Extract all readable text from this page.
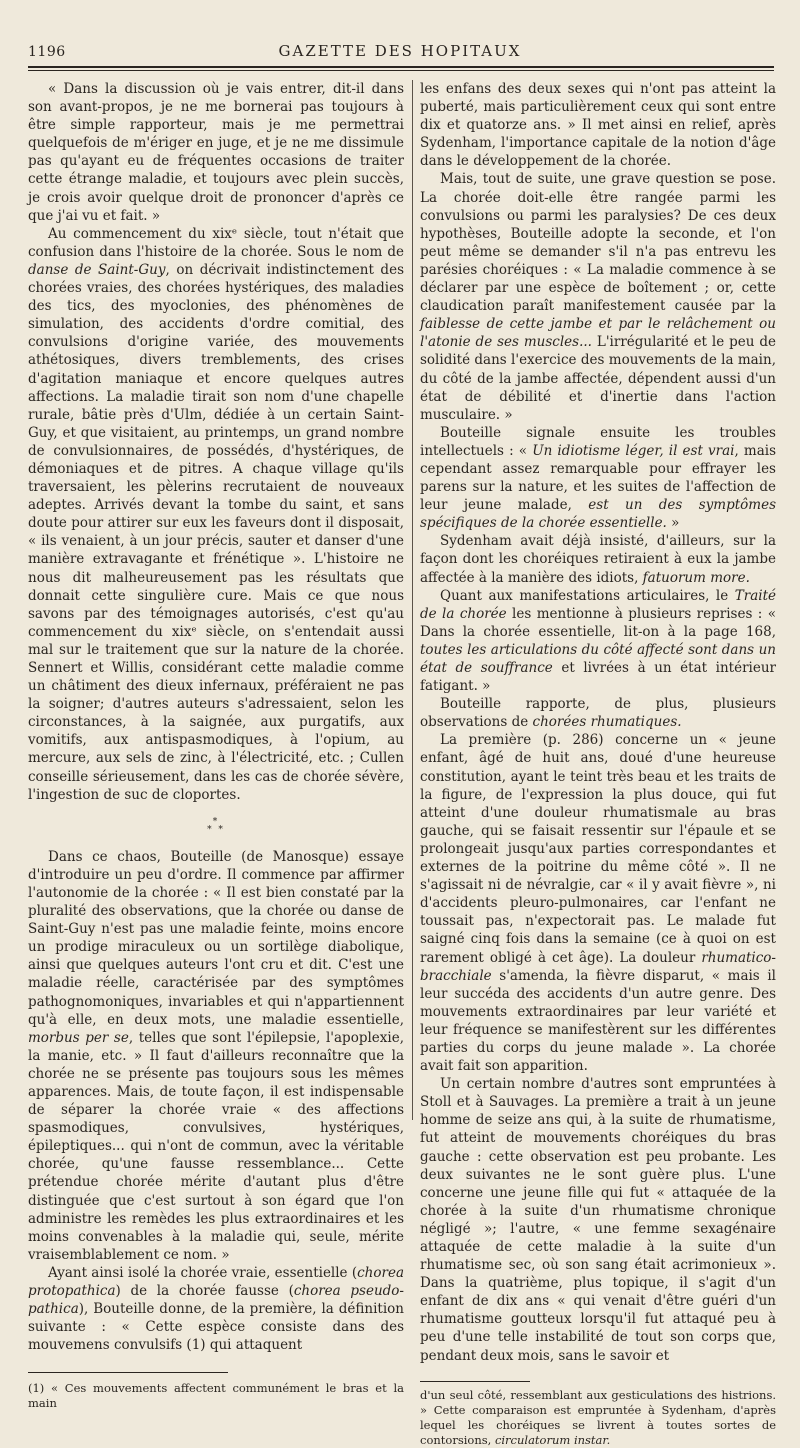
1196	GAZETTE DES HOPITAUX

« Dans la discussion où je vais entrer, dit-il dans son avant-propos, je ne me bornerai pas toujours à être simple rapporteur, mais je me permettrai quelquefois de m'ériger en juge, et je ne me dissimule pas qu'ayant eu de fréquentes occasions de traiter cette étrange maladie, et toujours avec plein succès, je crois avoir quelque droit de prononcer d'après ce que j'ai vu et fait. »

Au commencement du xixᵉ siècle, tout n'était que confusion dans l'histoire de la chorée. Sous le nom de danse de Saint-Guy, on décrivait indistinctement des chorées vraies, des chorées hystériques, des maladies des tics, des myoclonies, des phénomènes de simulation, des accidents d'ordre comitial, des convulsions d'origine variée, des mouvements athétosiques, divers tremblements, des crises d'agitation maniaque et encore quelques autres affections. La maladie tirait son nom d'une chapelle rurale, bâtie près d'Ulm, dédiée à un certain Saint-Guy, et que visitaient, au printemps, un grand nombre de convulsionnaires, de possédés, d'hystériques, de démoniaques et de pitres. A chaque village qu'ils traversaient, les pèlerins recrutaient de nouveaux adeptes. Arrivés devant la tombe du saint, et sans doute pour attirer sur eux les faveurs dont il disposait, « ils venaient, à un jour précis, sauter et danser d'une manière extravagante et frénétique ». L'histoire ne nous dit malheureusement pas les résultats que donnait cette singulière cure. Mais ce que nous savons par des témoignages autorisés, c'est qu'au commencement du xixᵉ siècle, on s'entendait aussi mal sur le traitement que sur la nature de la chorée. Sennert et Willis, considérant cette maladie comme un châtiment des dieux infernaux, préféraient ne pas la soigner; d'autres auteurs s'adressaient, selon les circonstances, à la saignée, aux purgatifs, aux vomitifs, aux antispasmodiques, à l'opium, au mercure, aux sels de zinc, à l'électricité, etc. ; Cullen conseille sérieusement, dans les cas de chorée sévère, l'ingestion de suc de cloportes.

*
* *

Dans ce chaos, Bouteille (de Manosque) essaye d'introduire un peu d'ordre. Il commence par affirmer l'autonomie de la chorée : « Il est bien constaté par la pluralité des observations, que la chorée ou danse de Saint-Guy n'est pas une maladie feinte, moins encore un prodige miraculeux ou un sortilège diabolique, ainsi que quelques auteurs l'ont cru et dit. C'est une maladie réelle, caractérisée par des symptômes pathognomoniques, invariables et qui n'appartiennent qu'à elle, en deux mots, une maladie essentielle, morbus per se, telles que sont l'épilepsie, l'apoplexie, la manie, etc. » Il faut d'ailleurs reconnaître que la chorée ne se présente pas toujours sous les mêmes apparences. Mais, de toute façon, il est indispensable de séparer la chorée vraie « des affections spasmodiques, convulsives, hystériques, épileptiques... qui n'ont de commun, avec la véritable chorée, qu'une fausse ressemblance... Cette prétendue chorée mérite d'autant plus d'être distinguée que c'est surtout à son égard que l'on administre les remèdes les plus extraordinaires et les moins convenables à la maladie qui, seule, mérite vraisemblablement ce nom. »

Ayant ainsi isolé la chorée vraie, essentielle (chorea protopathica) de la chorée fausse (chorea pseudo-pathica), Bouteille donne, de la première, la définition suivante : « Cette espèce consiste dans des mouvemens convulsifs (1) qui attaquent

(1) « Ces mouvements affectent communément le bras et la main

les enfans des deux sexes qui n'ont pas atteint la puberté, mais particulièrement ceux qui sont entre dix et quatorze ans. » Il met ainsi en relief, après Sydenham, l'importance capitale de la notion d'âge dans le développement de la chorée.

Mais, tout de suite, une grave question se pose. La chorée doit-elle être rangée parmi les convulsions ou parmi les paralysies? De ces deux hypothèses, Bouteille adopte la seconde, et l'on peut même se demander s'il n'a pas entrevu les parésies choréiques : « La maladie commence à se déclarer par une espèce de boîtement ; or, cette claudication paraît manifestement causée par la faiblesse de cette jambe et par le relâchement ou l'atonie de ses muscles... L'irrégularité et le peu de solidité dans l'exercice des mouvements de la main, du côté de la jambe affectée, dépendent aussi d'un état de débilité et d'inertie dans l'action musculaire. »

Bouteille signale ensuite les troubles intellectuels : « Un idiotisme léger, il est vrai, mais cependant assez remarquable pour effrayer les parens sur la nature, et les suites de l'affection de leur jeune malade, est un des symptômes spécifiques de la chorée essentielle. »

Sydenham avait déjà insisté, d'ailleurs, sur la façon dont les choréiques retiraient à eux la jambe affectée à la manière des idiots, fatuorum more.

Quant aux manifestations articulaires, le Traité de la chorée les mentionne à plusieurs reprises : « Dans la chorée essentielle, lit-on à la page 168, toutes les articulations du côté affecté sont dans un état de souffrance et livrées à un état intérieur fatigant. »

Bouteille rapporte, de plus, plusieurs observations de chorées rhumatiques.

La première (p. 286) concerne un « jeune enfant, âgé de huit ans, doué d'une heureuse constitution, ayant le teint très beau et les traits de la figure, de l'expression la plus douce, qui fut atteint d'une douleur rhumatismale au bras gauche, qui se faisait ressentir sur l'épaule et se prolongeait jusqu'aux parties correspondantes et externes de la poitrine du même côté ». Il ne s'agissait ni de névralgie, car « il y avait fièvre », ni d'accidents pleuro-pulmonaires, car l'enfant ne toussait pas, n'expectorait pas. Le malade fut saigné cinq fois dans la semaine (ce à quoi on est rarement obligé à cet âge). La douleur rhumatico-bracchiale s'amenda, la fièvre disparut, « mais il leur succéda des accidents d'un autre genre. Des mouvements extraordinaires par leur variété et leur fréquence se manifestèrent sur les différentes parties du corps du jeune malade ». La chorée avait fait son apparition.

Un certain nombre d'autres sont empruntées à Stoll et à Sauvages. La première a trait à un jeune homme de seize ans qui, à la suite de rhumatisme, fut atteint de mouvements choréiques du bras gauche : cette observation est peu probante. Les deux suivantes ne le sont guère plus. L'une concerne une jeune fille qui fut « attaquée de la chorée à la suite d'un rhumatisme chronique négligé »; l'autre, « une femme sexagénaire attaquée de cette maladie à la suite d'un rhumatisme sec, où son sang était acrimonieux ». Dans la quatrième, plus topique, il s'agit d'un enfant de dix ans « qui venait d'être guéri d'un rhumatisme goutteux lorsqu'il fut attaqué peu à peu d'une telle instabilité de tout son corps que, pendant deux mois, sans le savoir et

d'un seul côté, ressemblant aux gesticulations des histrions. » Cette comparaison est empruntée à Sydenham, d'après lequel les choréiques se livrent à toutes sortes de contorsions, circulatorum instar.
